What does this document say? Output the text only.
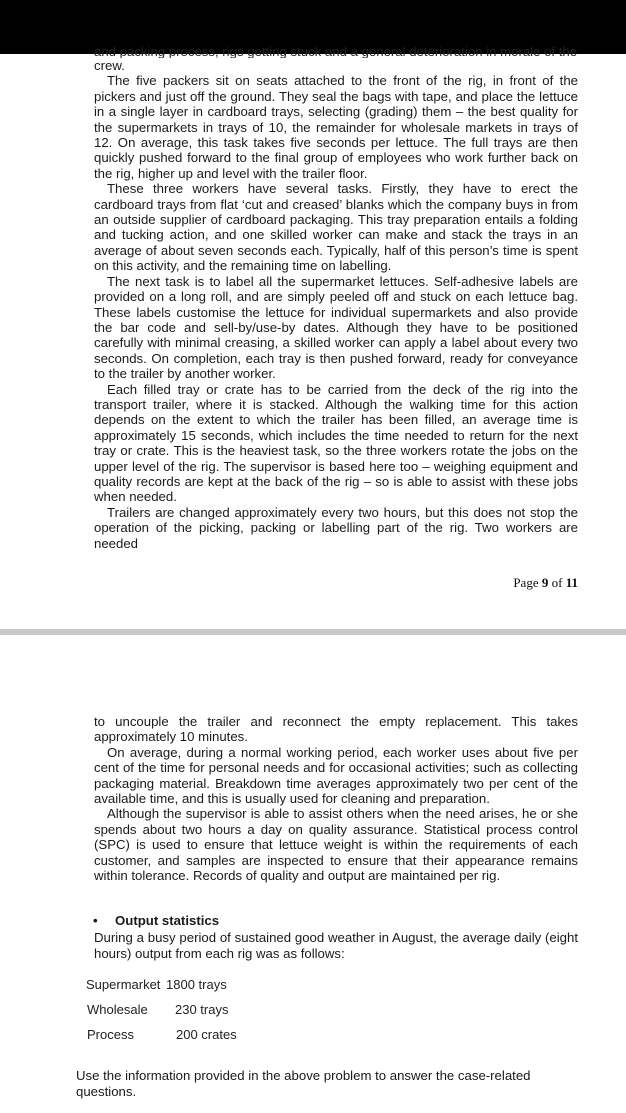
and packing process, rigs getting stuck and a general deterioration in morale of the

crew.

The five packers sit on seats attached to the front of the rig, in front of the pickers and just off the ground. They seal the bags with tape, and place the lettuce in a single layer in cardboard trays, selecting (grading) them – the best quality for the supermarkets in trays of 10, the remainder for wholesale markets in trays of 12. On average, this task takes five seconds per lettuce. The full trays are then quickly pushed forward to the final group of employees who work further back on the rig, higher up and level with the trailer floor.

These three workers have several tasks. Firstly, they have to erect the cardboard trays from flat ‘cut and creased’ blanks which the company buys in from an outside supplier of cardboard packaging. This tray preparation entails a folding and tucking action, and one skilled worker can make and stack the trays in an average of about seven seconds each. Typically, half of this person’s time is spent on this activity, and the remaining time on labelling.

The next task is to label all the supermarket lettuces. Self-adhesive labels are provided on a long roll, and are simply peeled off and stuck on each lettuce bag. These labels customise the lettuce for individual supermarkets and also provide the bar code and sell-by/use-by dates. Although they have to be positioned carefully with minimal creasing, a skilled worker can apply a label about every two seconds. On completion, each tray is then pushed forward, ready for conveyance to the trailer by another worker.

Each filled tray or crate has to be carried from the deck of the rig into the transport trailer, where it is stacked. Although the walking time for this action depends on the extent to which the trailer has been filled, an average time is approximately 15 seconds, which includes the time needed to return for the next tray or crate. This is the heaviest task, so the three workers rotate the jobs on the upper level of the rig. The supervisor is based here too – weighing equipment and quality records are kept at the back of the rig – so is able to assist with these jobs when needed.

Trailers are changed approximately every two hours, but this does not stop the operation of the picking, packing or labelling part of the rig. Two workers are needed

Page 9 of 11

to uncouple the trailer and reconnect the empty replacement. This takes approximately 10 minutes.

On average, during a normal working period, each worker uses about five per cent of the time for personal needs and for occasional activities; such as collecting packaging material. Breakdown time averages approximately two per cent of the available time, and this is usually used for cleaning and preparation.

Although the supervisor is able to assist others when the need arises, he or she spends about two hours a day on quality assurance. Statistical process control (SPC) is used to ensure that lettuce weight is within the requirements of each customer, and samples are inspected to ensure that their appearance remains within tolerance. Records of quality and output are maintained per rig.

• Output statistics
During a busy period of sustained good weather in August, the average daily (eight hours) output from each rig was as follows:
Supermarket 1800 trays
Wholesale 230 trays
Process	200 crates
Use the information provided in the above problem to answer the case-related questions.
